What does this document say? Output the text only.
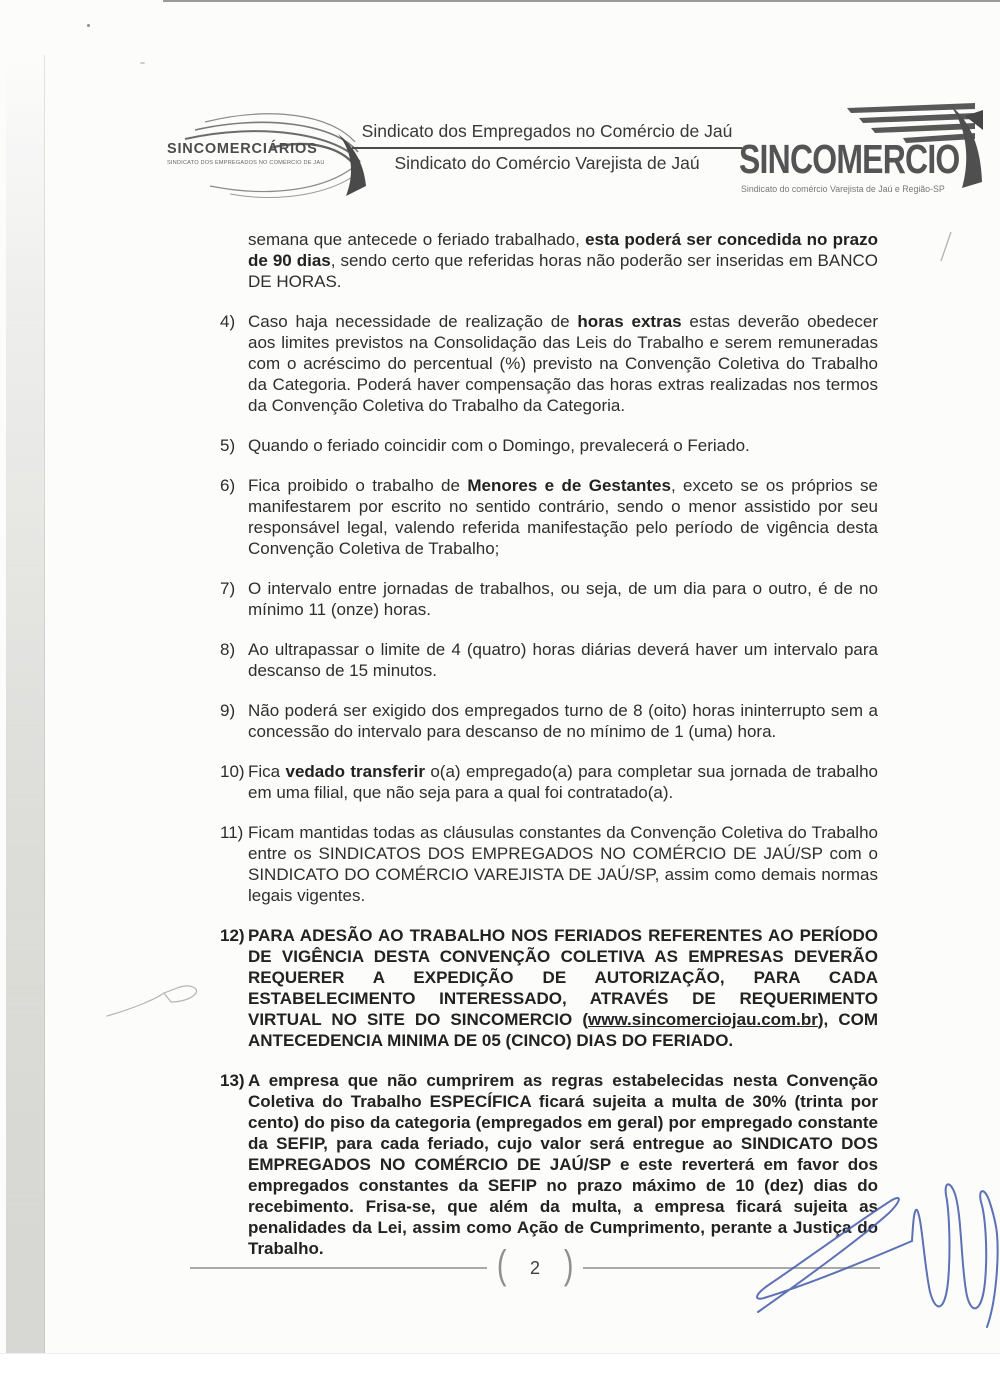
SINCOMERCIÁRIOS
SINDICATO DOS EMPREGADOS NO COMÉRCIO DE JAU
Sindicato dos Empregados no Comércio de Jaú
Sindicato do Comércio Varejista de Jaú SINCOMERCIO
Sindicato do comércio Varejista de Jaú e Região-SP
semana que antecede o feriado trabalhado, esta poderá ser concedida no prazo de 90 dias, sendo certo que referidas horas não poderão ser inseridas em BANCO DE HORAS.
4) Caso haja necessidade de realização de horas extras estas deverão obedecer aos limites previstos na Consolidação das Leis do Trabalho e serem remuneradas com o acréscimo do percentual (%) previsto na Convenção Coletiva do Trabalho da Categoria. Poderá haver compensação das horas extras realizadas nos termos da Convenção Coletiva do Trabalho da Categoria.
5) Quando o feriado coincidir com o Domingo, prevalecerá o Feriado.
6) Fica proibido o trabalho de Menores e de Gestantes, exceto se os próprios se manifestarem por escrito no sentido contrário, sendo o menor assistido por seu responsável legal, valendo referida manifestação pelo período de vigência desta Convenção Coletiva de Trabalho;
7) O intervalo entre jornadas de trabalhos, ou seja, de um dia para o outro, é de no mínimo 11 (onze) horas.
8) Ao ultrapassar o limite de 4 (quatro) horas diárias deverá haver um intervalo para descanso de 15 minutos.
9) Não poderá ser exigido dos empregados turno de 8 (oito) horas ininterrupto sem a concessão do intervalo para descanso de no mínimo de 1 (uma) hora.
10) Fica vedado transferir o(a) empregado(a) para completar sua jornada de trabalho em uma filial, que não seja para a qual foi contratado(a).
11) Ficam mantidas todas as cláusulas constantes da Convenção Coletiva do Trabalho entre os SINDICATOS DOS EMPREGADOS NO COMÉRCIO DE JAÚ/SP com o SINDICATO DO COMÉRCIO VAREJISTA DE JAÚ/SP, assim como demais normas legais vigentes.
12) PARA ADESÃO AO TRABALHO NOS FERIADOS REFERENTES AO PERÍODO DE VIGÊNCIA DESTA CONVENÇÃO COLETIVA AS EMPRESAS DEVERÃO REQUERER A EXPEDIÇÃO DE AUTORIZAÇÃO, PARA CADA ESTABELECIMENTO INTERESSADO, ATRAVÉS DE REQUERIMENTO VIRTUAL NO SITE DO SINCOMERCIO (www.sincomerciojau.com.br), COM ANTECEDENCIA MINIMA DE 05 (CINCO) DIAS DO FERIADO.
13) A empresa que não cumprirem as regras estabelecidas nesta Convenção Coletiva do Trabalho ESPECÍFICA ficará sujeita a multa de 30% (trinta por cento) do piso da categoria (empregados em geral) por empregado constante da SEFIP, para cada feriado, cujo valor será entregue ao SINDICATO DOS EMPREGADOS NO COMÉRCIO DE JAÚ/SP e este reverterá em favor dos empregados constantes da SEFIP no prazo máximo de 10 (dez) dias do recebimento. Frisa-se, que além da multa, a empresa ficará sujeita as penalidades da Lei, assim como Ação de Cumprimento, perante a Justiça do Trabalho.	(	2 )
